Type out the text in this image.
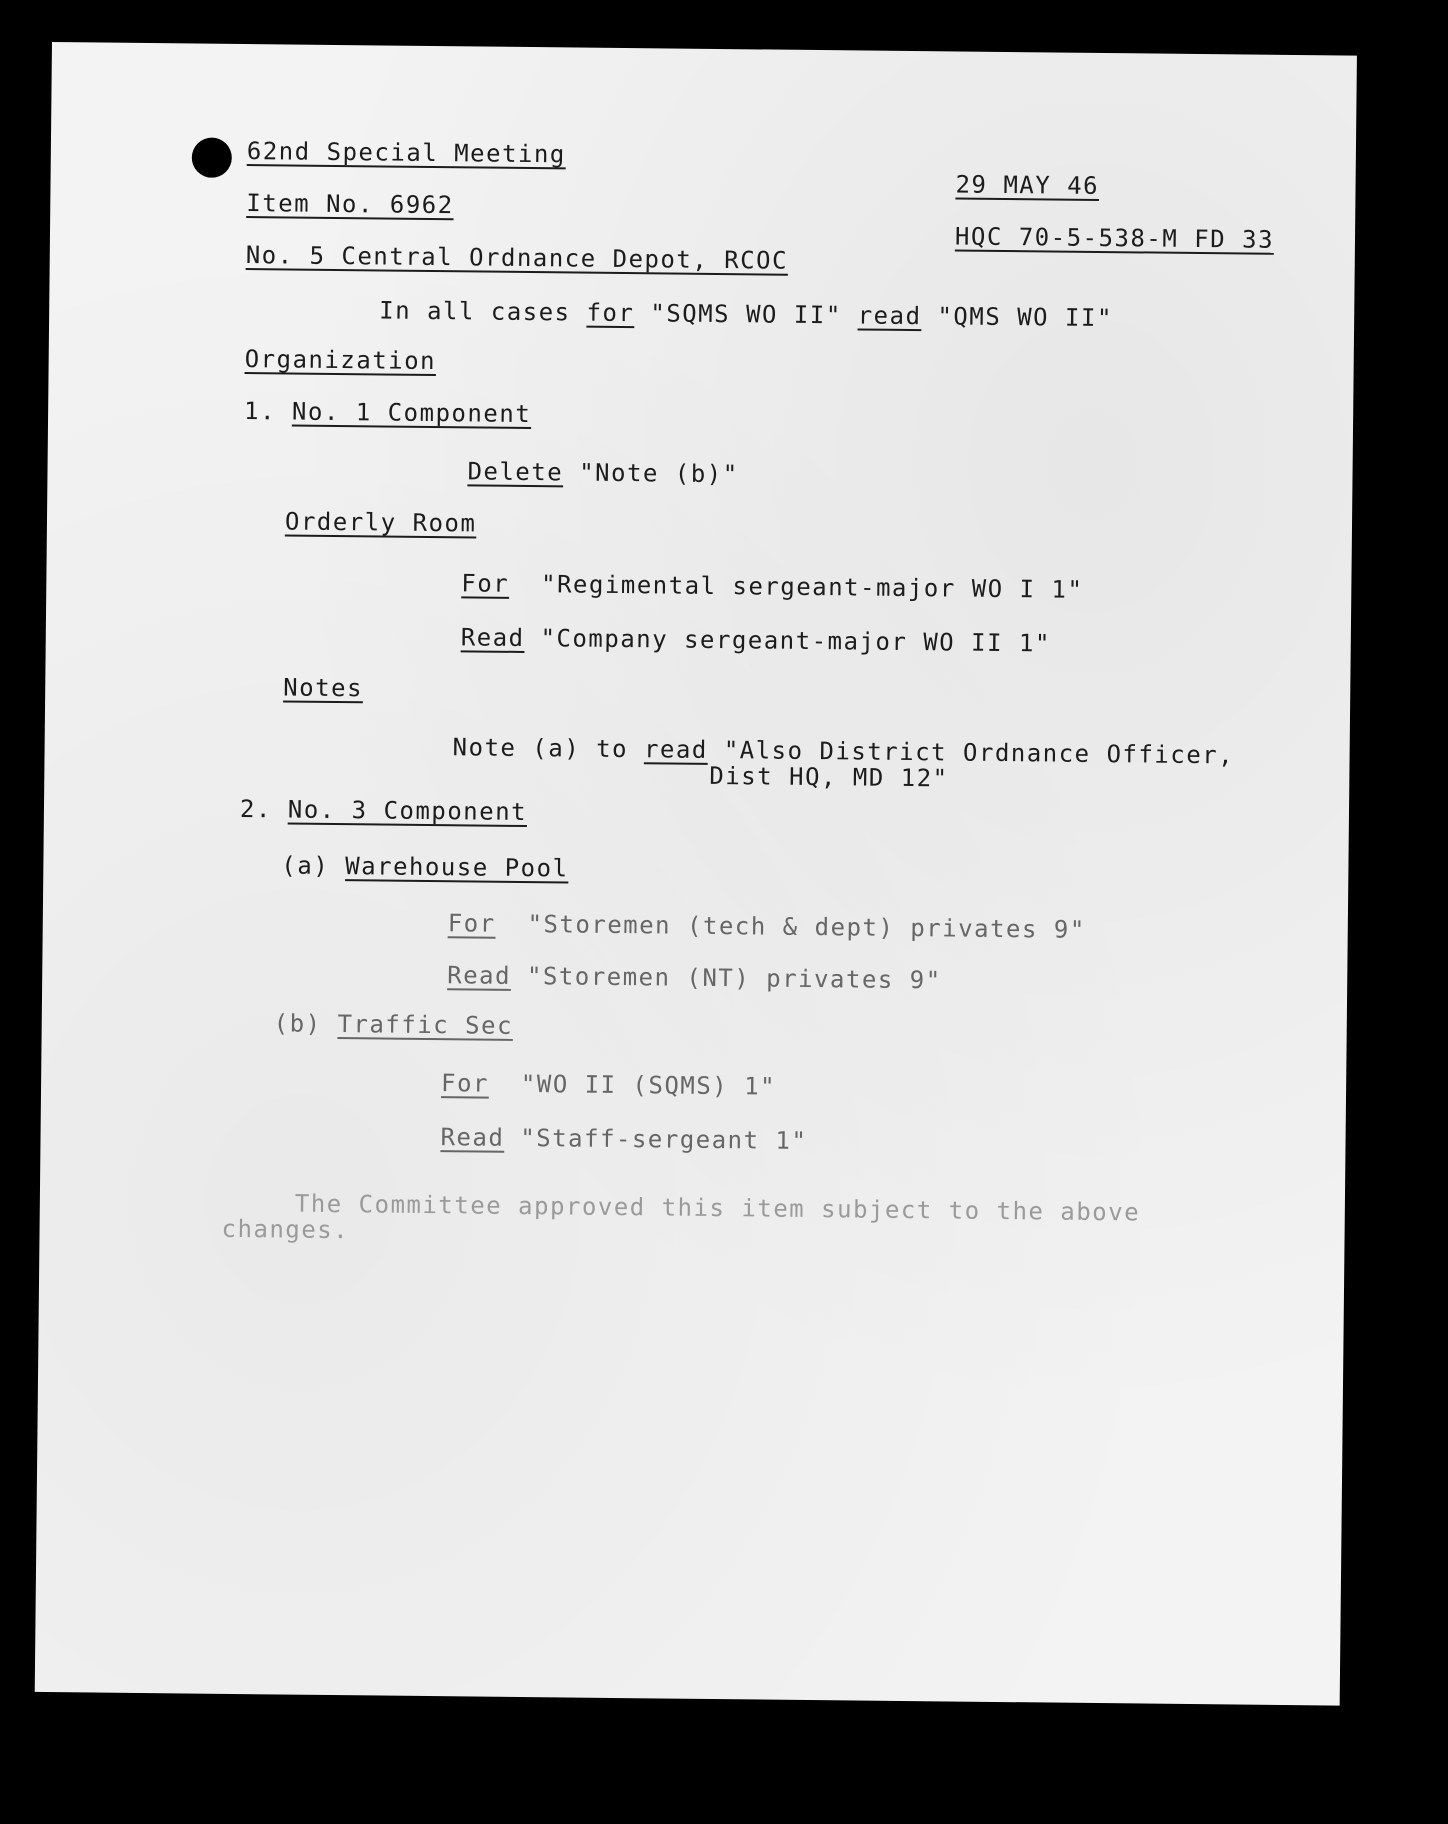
62nd Special Meeting
29 MAY 46
Item No. 6962
HQC 70-5-538-M FD 33
No. 5 Central Ordnance Depot, RCOC
In all cases for "SQMS WO II" read "QMS WO II"
Organization
1. No. 1 Component
Delete "Note (b)"
Orderly Room
For "Regimental sergeant-major WO I 1"
Read "Company sergeant-major WO II 1"
Notes
Note (a) to read "Also District Ordnance Officer,
Dist HQ, MD 12"
2. No. 3 Component
(a) Warehouse Pool
For "Storemen (tech & dept) privates 9"
Read "Storemen (NT) privates 9"
(b) Traffic Sec
For "WO II (SQMS) 1"
Read "Staff-sergeant 1"
The Committee approved this item subject to the above
changes.
